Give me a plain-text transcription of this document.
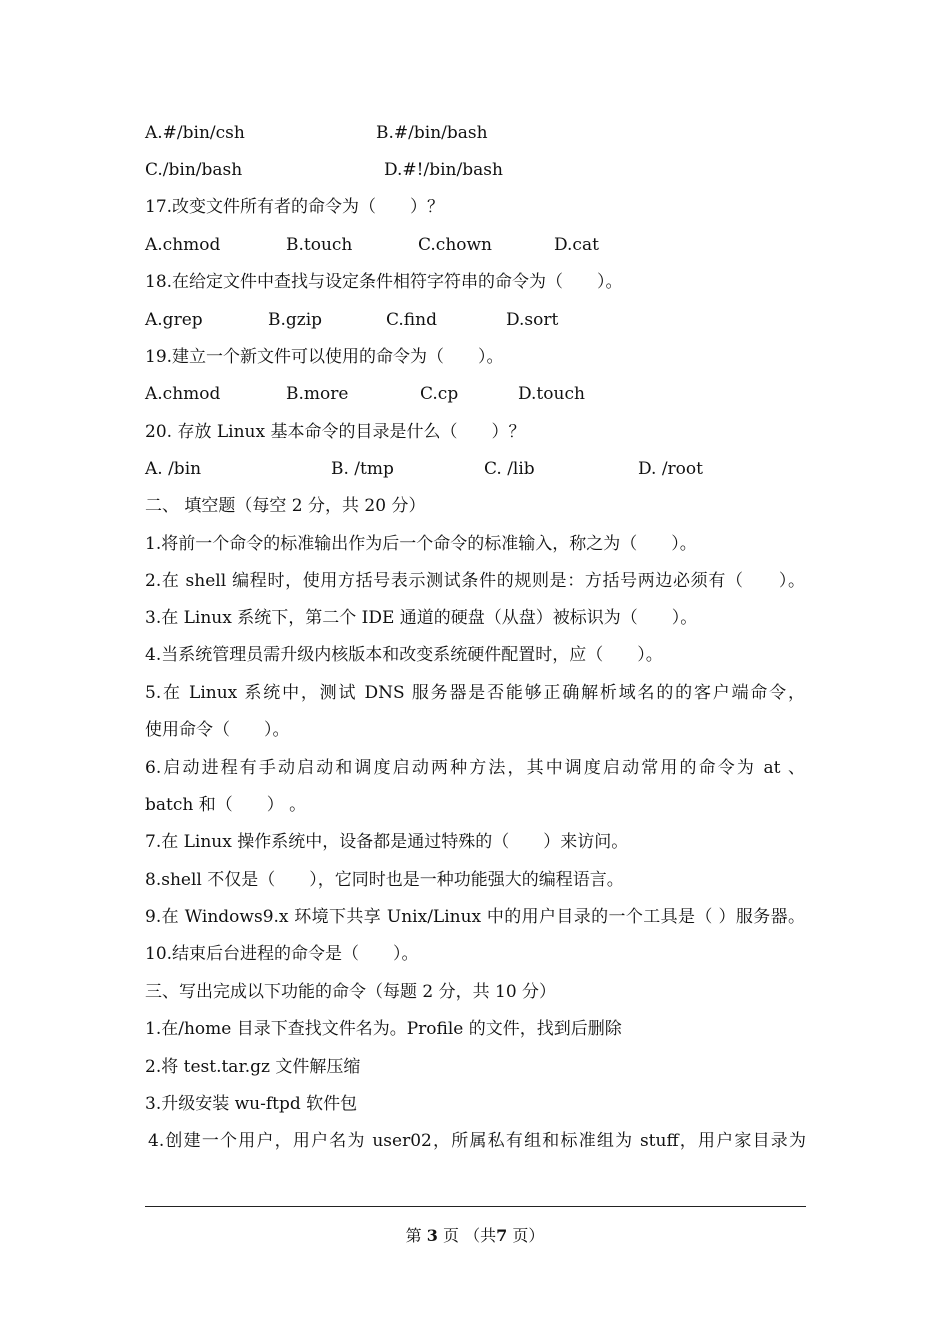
A.#/bin/csh	B.#/bin/bash
C./bin/bash	D.#!/bin/bash
17.改变文件所有者的命令为（　　）？
A.chmod	B.touch	C.chown	D.cat
18.在给定文件中查找与设定条件相符字符串的命令为（　　）。
A.grep	B.gzip	C.find	D.sort
19.建立一个新文件可以使用的命令为（　　）。
A.chmod	B.more	C.cp	D.touch
20. 存放 Linux 基本命令的目录是什么（　　）？
A. /bin	B. /tmp	C. /lib	D. /root
二、 填空题（每空 2 分，共 20 分）
1.将前一个命令的标准输出作为后一个命令的标准输入，称之为（　　）。
2.在 shell 编程时，使用方括号表示测试条件的规则是：方括号两边必须有（　　）。
3.在 Linux 系统下，第二个 IDE 通道的硬盘（从盘）被标识为（　　）。
4.当系统管理员需升级内核版本和改变系统硬件配置时，应（　　）。
5.在 Linux 系统中，测试 DNS 服务器是否能够正确解析域名的的客户端命令，
使用命令（　　）。
6.启动进程有手动启动和调度启动两种方法，其中调度启动常用的命令为 at 、
batch 和（　　） 。
7.在 Linux 操作系统中，设备都是通过特殊的（　　）来访问。
8.shell 不仅是（　　），它同时也是一种功能强大的编程语言。
9.在 Windows9.x 环境下共享 Unix/Linux 中的用户目录的一个工具是（ ）服务器。
10.结束后台进程的命令是（　　）。
三、写出完成以下功能的命令（每题 2 分，共 10 分）
1.在/home 目录下查找文件名为。Profile 的文件，找到后删除
2.将 test.tar.gz 文件解压缩
3.升级安装 wu-ftpd 软件包
4.创建一个用户，用户名为 user02，所属私有组和标准组为 stuff，用户家目录为
第 3 页 （共7 页）
